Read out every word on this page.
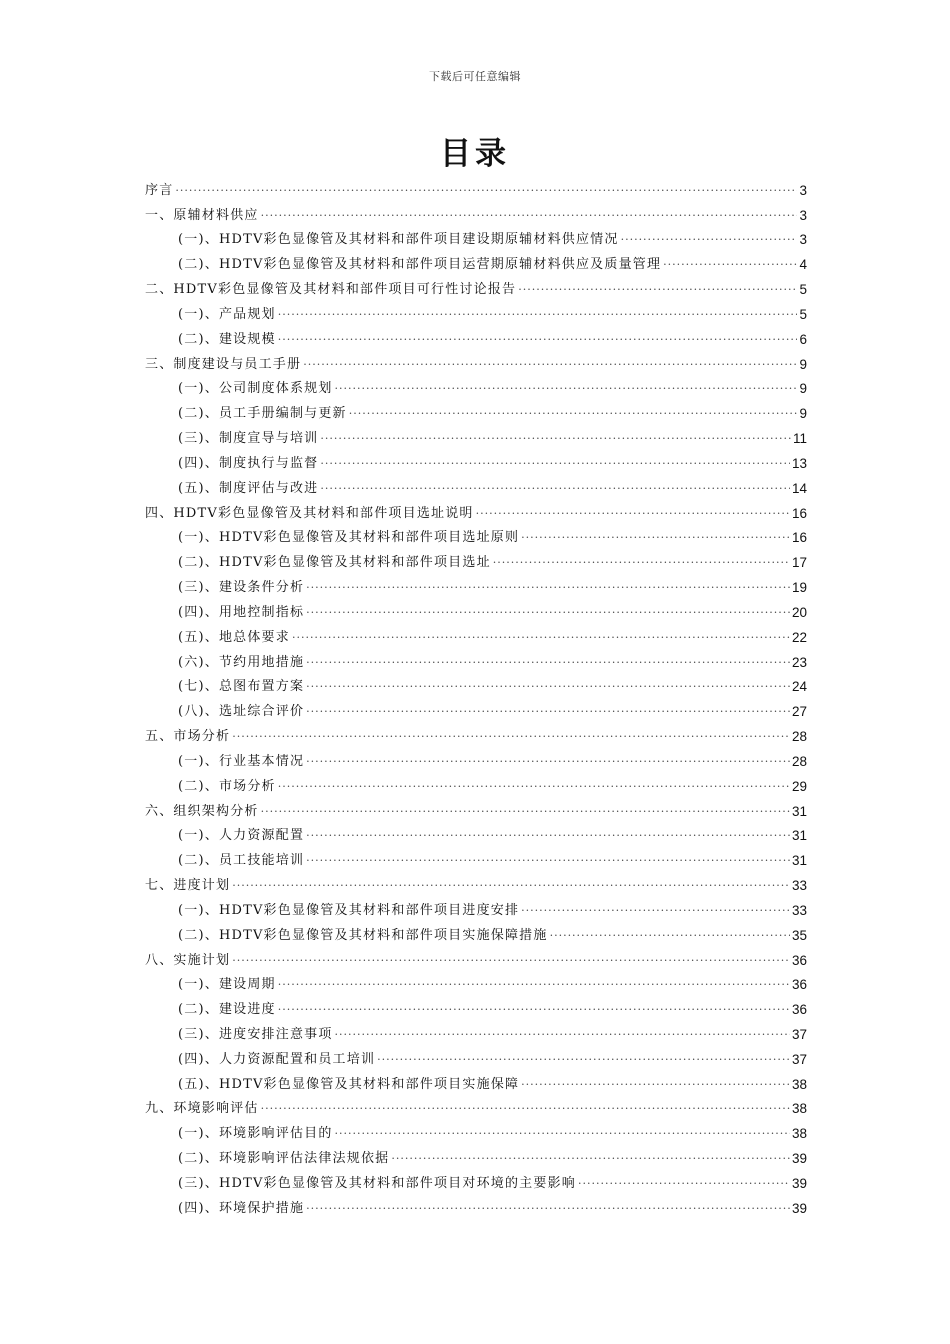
下载后可任意编辑
目录
序言 .....	3
一、原辅材料供应 .....	3
(一)、HDTV彩色显像管及其材料和部件项目建设期原辅材料供应情况 .....	3
(二)、HDTV彩色显像管及其材料和部件项目运营期原辅材料供应及质量管理 .....	4
二、HDTV彩色显像管及其材料和部件项目可行性讨论报告 .....	5
(一)、产品规划 .....	5
(二)、建设规模 .....	6
三、制度建设与员工手册 .....	9
(一)、公司制度体系规划 .....	9
(二)、员工手册编制与更新 .....	9
(三)、制度宣导与培训 .....	11
(四)、制度执行与监督 .....	13
(五)、制度评估与改进 .....	14
四、HDTV彩色显像管及其材料和部件项目选址说明 .....	16
(一)、HDTV彩色显像管及其材料和部件项目选址原则 .....	16
(二)、HDTV彩色显像管及其材料和部件项目选址 .....	17
(三)、建设条件分析 .....	19
(四)、用地控制指标 .....	20
(五)、地总体要求 .....	22
(六)、节约用地措施 .....	23
(七)、总图布置方案 .....	24
(八)、选址综合评价 .....	27
五、市场分析 .....	28
(一)、行业基本情况 .....	28
(二)、市场分析 .....	29
六、组织架构分析 .....	31
(一)、人力资源配置 .....	31
(二)、员工技能培训 .....	31
七、进度计划 .....	33
(一)、HDTV彩色显像管及其材料和部件项目进度安排 .....	33
(二)、HDTV彩色显像管及其材料和部件项目实施保障措施 .....	35
八、实施计划 .....	36
(一)、建设周期 .....	36
(二)、建设进度 .....	36
(三)、进度安排注意事项 .....	37
(四)、人力资源配置和员工培训 .....	37
(五)、HDTV彩色显像管及其材料和部件项目实施保障 .....	38
九、环境影响评估 .....	38
(一)、环境影响评估目的 .....	38
(二)、环境影响评估法律法规依据 .....	39
(三)、HDTV彩色显像管及其材料和部件项目对环境的主要影响 .....	39
(四)、环境保护措施 .....	39
